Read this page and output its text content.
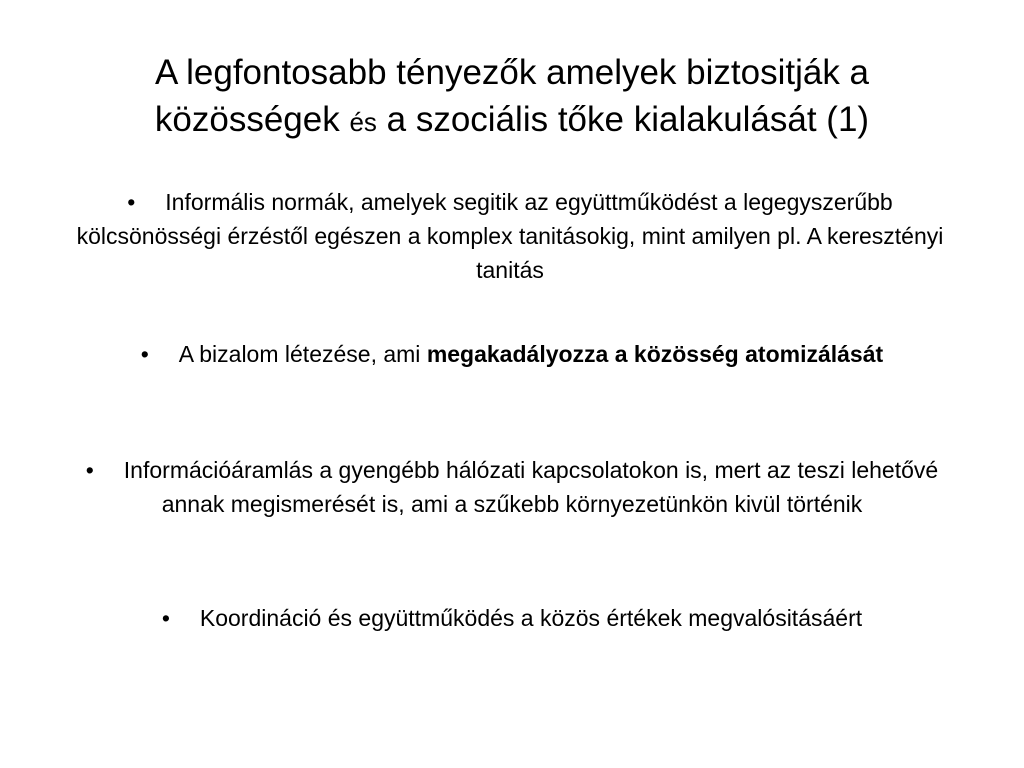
A legfontosabb tényezők amelyek biztositják a közösségek és a szociális tőke kialakulását (1)
• Informális normák, amelyek segitik az együttműködést a legegyszerűbb kölcsönösségi érzéstől egészen a komplex tanitásokig, mint amilyen pl. A keresztényi tanitás
• A bizalom létezése, ami megakadályozza a közösség atomizálását
• Információáramlás a gyengébb hálózati kapcsolatokon is, mert az teszi lehetővé annak megismerését is, ami a szűkebb környezetünkön kivül történik
• Koordináció és együttműködés a közös értékek megvalósitásáért
